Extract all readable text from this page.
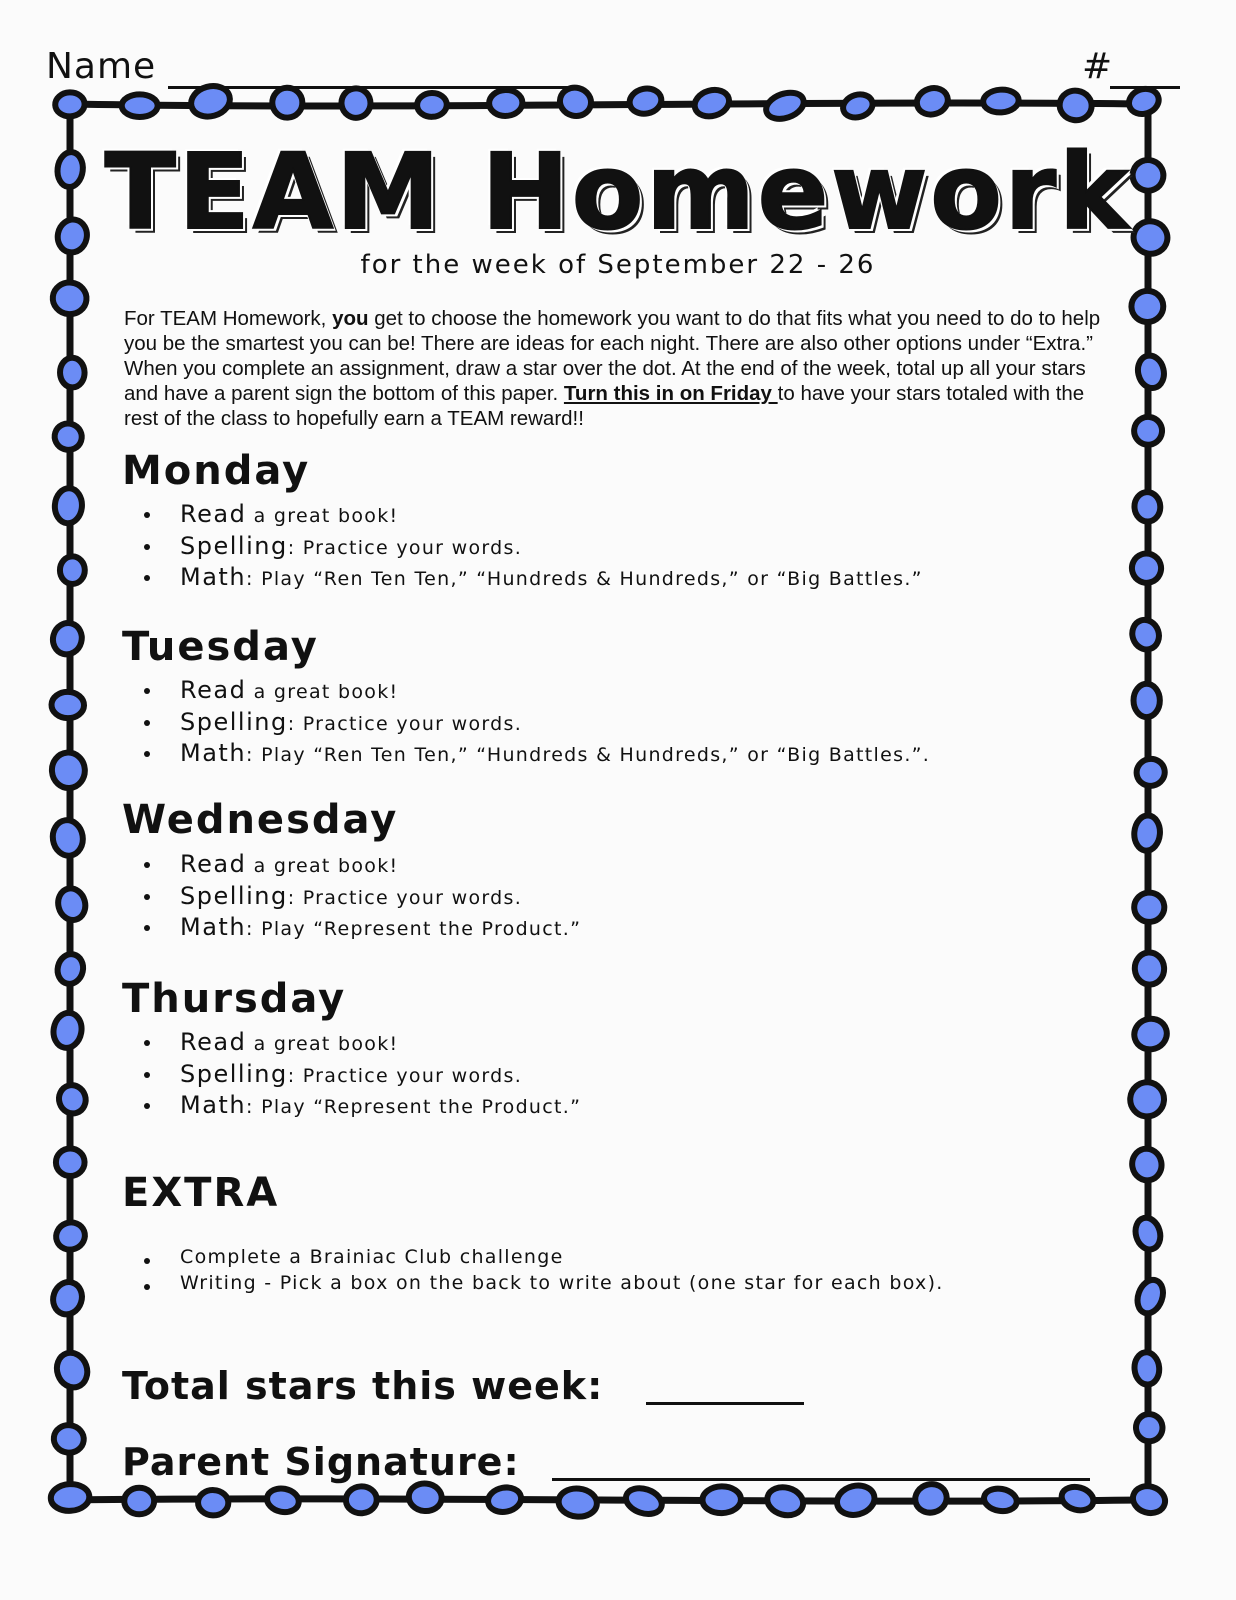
Name	#
TEAM Homework
for the week of September 22 - 26
For TEAM Homework, you get to choose the homework you want to do that fits what you need to do to help you be the smartest you can be! There are ideas for each night. There are also other options under “Extra.” When you complete an assignment, draw a star over the dot. At the end of the week, total up all your stars and have a parent sign the bottom of this paper. Turn this in on Friday to have your stars totaled with the rest of the class to hopefully earn a TEAM reward!!
Monday
Read a great book!
Spelling: Practice your words.
Math: Play “Ren Ten Ten,” “Hundreds & Hundreds,” or “Big Battles.”
Tuesday
Read a great book!
Spelling: Practice your words.
Math: Play “Ren Ten Ten,” “Hundreds & Hundreds,” or “Big Battles.”.
Wednesday
Read a great book!
Spelling: Practice your words.
Math: Play “Represent the Product.”
Thursday
Read a great book!
Spelling: Practice your words.
Math: Play “Represent the Product.”
EXTRA
Complete a Brainiac Club challenge
Writing - Pick a box on the back to write about (one star for each box).
Total stars this week:
Parent Signature:
